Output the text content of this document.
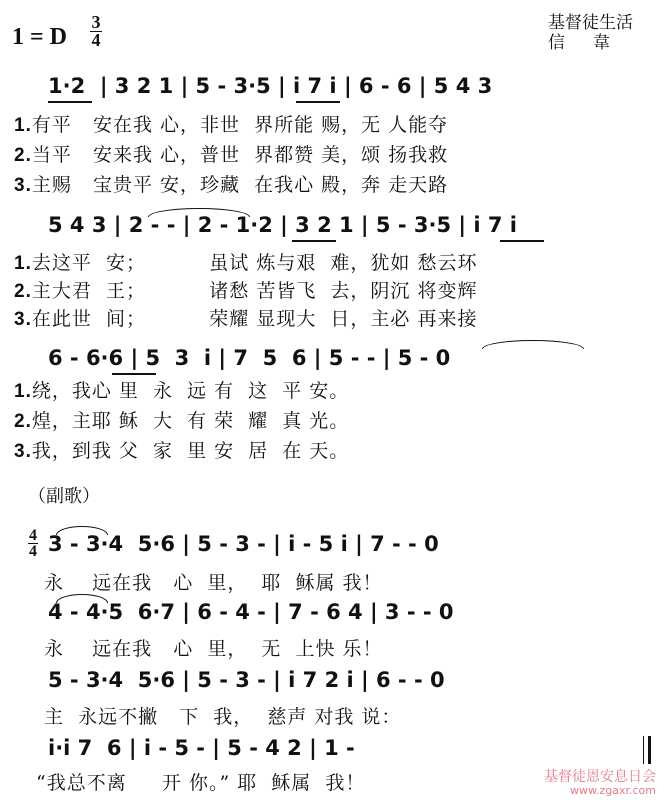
1 = D
3
4
基督徒生活
信 韋
1·2  | 3 2 1 | 5 - 3·5 | i 7 i | 6 - 6 | 5 4 3
1.有平   安在我 心，非世  界所能 赐，无 人能夺
2.当平   安来我 心，普世  界都赞 美，颂 扬我救
3.主赐   宝贵平 安，珍藏  在我心 殿，奔 走天路
5 4 3 | 2 - - | 2 - 1·2 | 3 2 1 | 5 - 3·5 | i 7 i
1.去这平  安；         虽试 炼与艰  难，犹如 愁云环
2.主大君  王；         诸愁 苦皆飞  去，阴沉 将变辉
3.在此世  间；         荣耀 显现大  日，主必 再来接
6 - 6·6 | 5  3  i | 7  5  6 | 5 - - | 5 - 0
1.绕，我心 里  永  远 有  这  平 安。
2.煌，主耶 稣  大  有 荣  耀  真 光。
3.我，到我 父  家  里 安  居  在 天。
（副歌）
4
4 3 - 3·4  5·6 | 5 - 3 - | i - 5 i | 7 - - 0
永    远在我   心  里，  耶  稣属 我！
4 - 4·5  6·7 | 6 - 4 - | 7 - 6 4 | 3 - - 0
永    远在我   心  里，  无  上快 乐！
5 - 3·4  5·6 | 5 - 3 - | i 7 2 i | 6 - - 0
主  永远不撇   下  我，  慈声 对我 说：
i·i 7  6 | i - 5 - | 5 - 4 2 | 1 -
“我总不离     开 你。” 耶  稣属  我！	基督徒恩安息日会
www.zgaxr.com
